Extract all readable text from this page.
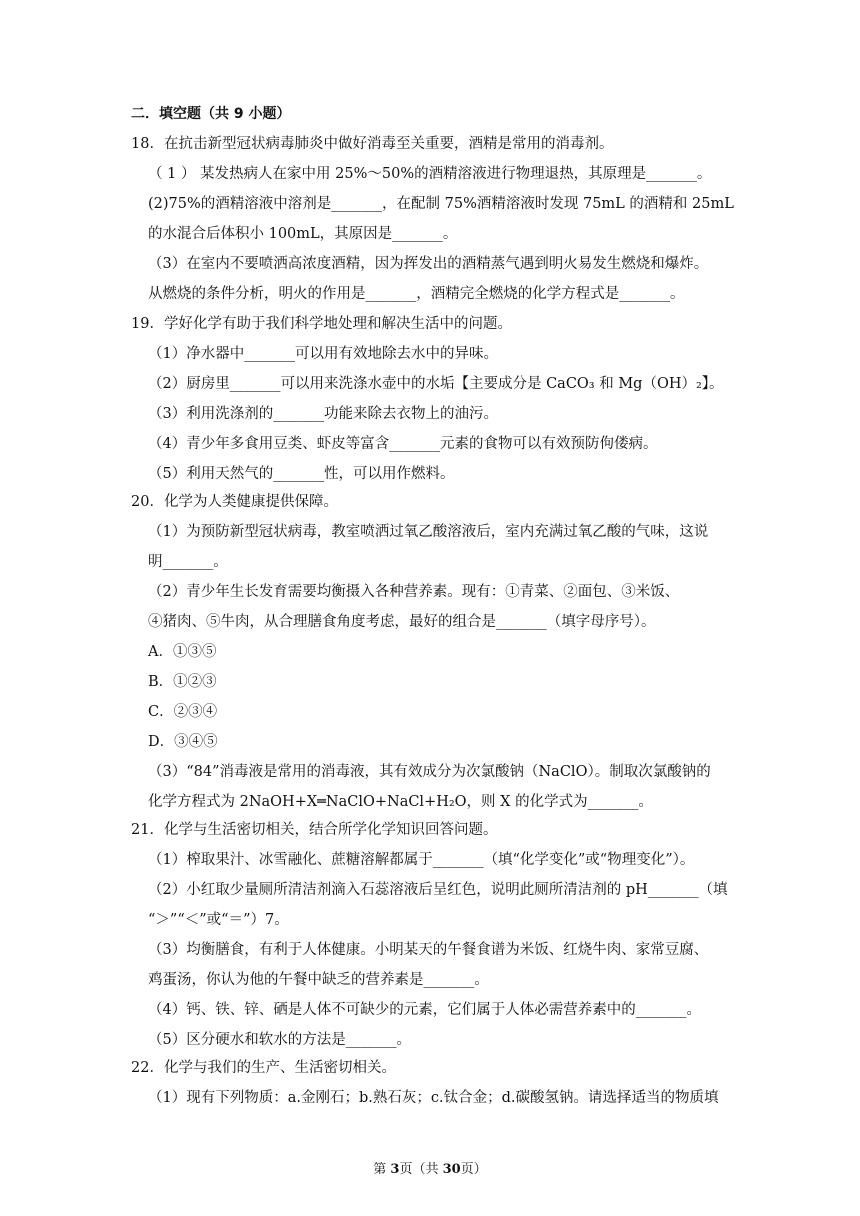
二．填空题（共 9 小题）
18．在抗击新型冠状病毒肺炎中做好消毒至关重要，酒精是常用的消毒剂。
（ 1 ） 某发热病人在家中用 25%～50%的酒精溶液进行物理退热，其原理是_______。
(2)75%的酒精溶液中溶剂是_______，在配制 75%酒精溶液时发现 75mL 的酒精和 25mL
的水混合后体积小 100mL，其原因是_______。
（3）在室内不要喷洒高浓度酒精，因为挥发出的酒精蒸气遇到明火易发生燃烧和爆炸。
从燃烧的条件分析，明火的作用是_______，酒精完全燃烧的化学方程式是_______。
19．学好化学有助于我们科学地处理和解决生活中的问题。
（1）净水器中_______可以用有效地除去水中的异味。
（2）厨房里_______可以用来洗涤水壶中的水垢【主要成分是 CaCO₃ 和 Mg（OH）₂】。
（3）利用洗涤剂的_______功能来除去衣物上的油污。
（4）青少年多食用豆类、虾皮等富含_______元素的食物可以有效预防佝偻病。
（5）利用天然气的_______性，可以用作燃料。
20．化学为人类健康提供保障。
（1）为预防新型冠状病毒，教室喷洒过氧乙酸溶液后，室内充满过氧乙酸的气味，这说
明_______。
（2）青少年生长发育需要均衡摄入各种营养素。现有：①青菜、②面包、③米饭、
④猪肉、⑤牛肉，从合理膳食角度考虑，最好的组合是_______（填字母序号）。
A．①③⑤
B．①②③
C．②③④
D．③④⑤
（3）“84”消毒液是常用的消毒液，其有效成分为次氯酸钠（NaClO）。制取次氯酸钠的
化学方程式为 2NaOH+X═NaClO+NaCl+H₂O，则 X 的化学式为_______。
21．化学与生活密切相关，结合所学化学知识回答问题。
（1）榨取果汁、冰雪融化、蔗糖溶解都属于_______（填“化学变化”或“物理变化”）。
（2）小红取少量厕所清洁剂滴入石蕊溶液后呈红色，说明此厕所清洁剂的 pH_______（填
“＞”“＜”或“＝”）7。
（3）均衡膳食，有利于人体健康。小明某天的午餐食谱为米饭、红烧牛肉、家常豆腐、
鸡蛋汤，你认为他的午餐中缺乏的营养素是_______。
（4）钙、铁、锌、硒是人体不可缺少的元素，它们属于人体必需营养素中的_______。
（5）区分硬水和软水的方法是_______。
22．化学与我们的生产、生活密切相关。
（1）现有下列物质：a.金刚石；b.熟石灰；c.钛合金；d.碳酸氢钠。请选择适当的物质填
第 3页（共 30页）
